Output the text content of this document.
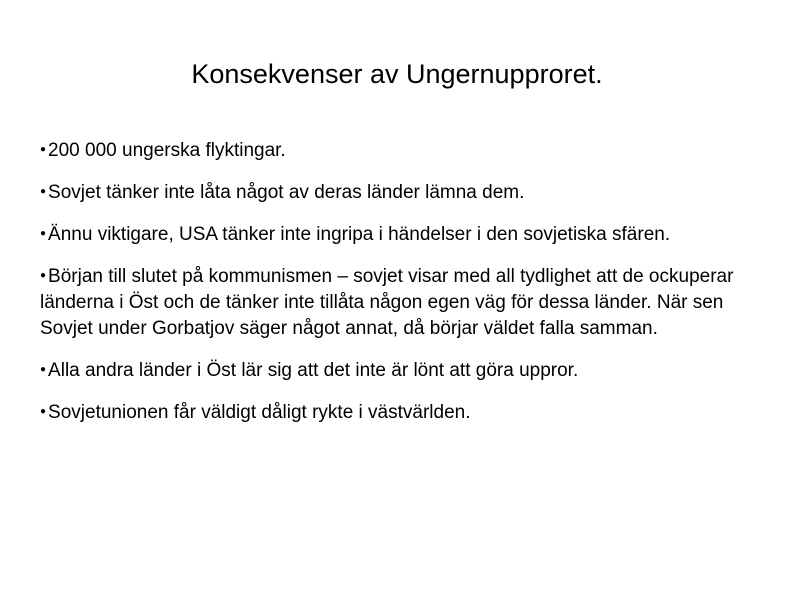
Konsekvenser av Ungernupproret.
● 200 000 ungerska flyktingar.
● Sovjet tänker inte låta något av deras länder lämna dem.
● Ännu viktigare, USA tänker inte ingripa i händelser i den sovjetiska sfären.
● Början till slutet på kommunismen – sovjet visar med all tydlighet att de ockuperar länderna i Öst och de tänker inte tillåta någon egen väg för dessa länder. När sen Sovjet under Gorbatjov säger något annat, då börjar väldet falla samman.
● Alla andra länder i Öst lär sig att det inte är lönt att göra uppror.
● Sovjetunionen får väldigt dåligt rykte i västvärlden.
